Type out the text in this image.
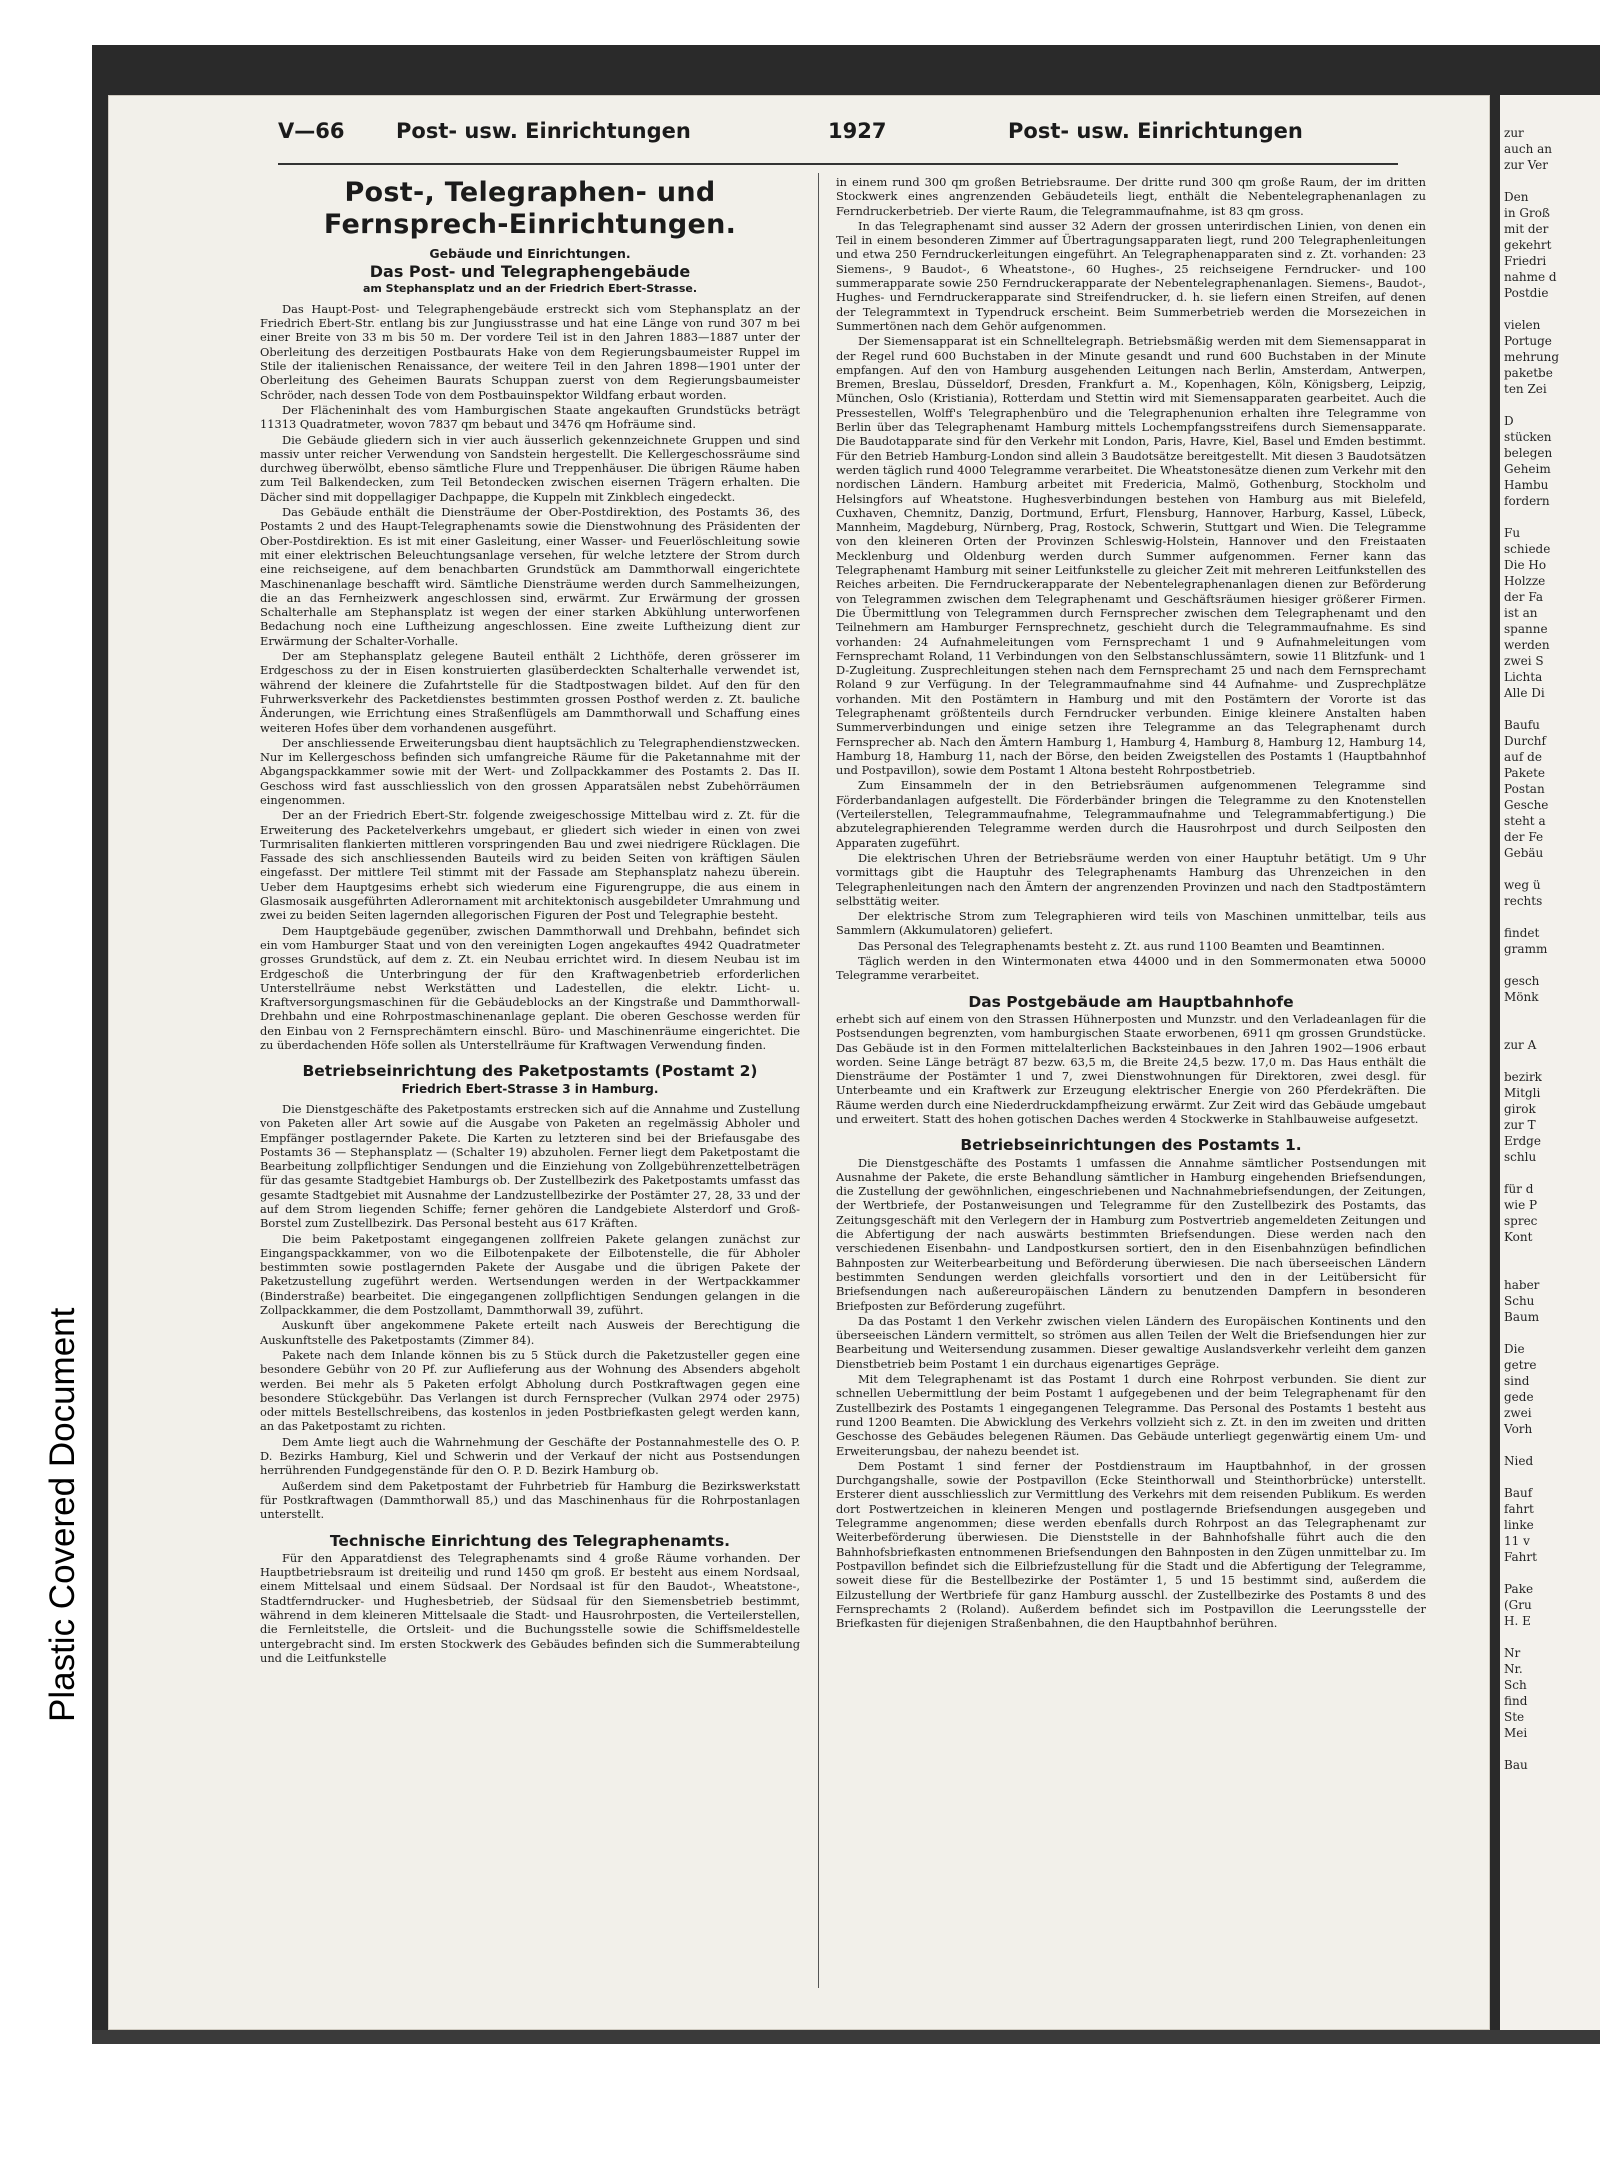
Plastic Covered Document
V—66 Post- usw. Einrichtungen	1927	Post- usw. Einrichtungen
Post-, Telegraphen- und
Fernsprech-Einrichtungen.
Gebäude und Einrichtungen.
Das Post- und Telegraphengebäude
am Stephansplatz und an der Friedrich Ebert-Strasse.

Das Haupt-Post- und Telegraphengebäude erstreckt sich vom Stephansplatz an der Friedrich Ebert-Str. entlang bis zur Jungiusstrasse und hat eine Länge von rund 307 m bei einer Breite von 33 m bis 50 m. Der vordere Teil ist in den Jahren 1883—1887 unter der Oberleitung des derzeitigen Postbaurats Hake von dem Regierungsbaumeister Ruppel im Stile der italienischen Renaissance, der weitere Teil in den Jahren 1898—1901 unter der Oberleitung des Geheimen Baurats Schuppan zuerst von dem Regierungsbaumeister Schröder, nach dessen Tode von dem Postbauinspektor Wildfang erbaut worden.

Der Flächeninhalt des vom Hamburgischen Staate angekauften Grundstücks beträgt 11313 Quadratmeter, wovon 7837 qm bebaut und 3476 qm Hofräume sind.

Die Gebäude gliedern sich in vier auch äusserlich gekennzeichnete Gruppen und sind massiv unter reicher Verwendung von Sandstein hergestellt. Die Kellergeschossräume sind durchweg überwölbt, ebenso sämtliche Flure und Treppenhäuser. Die übrigen Räume haben zum Teil Balkendecken, zum Teil Betondecken zwischen eisernen Trägern erhalten. Die Dächer sind mit doppellagiger Dachpappe, die Kuppeln mit Zinkblech eingedeckt.

Das Gebäude enthält die Diensträume der Ober-Postdirektion, des Postamts 36, des Postamts 2 und des Haupt-Telegraphenamts sowie die Dienstwohnung des Präsidenten der Ober-Postdirektion. Es ist mit einer Gasleitung, einer Wasser- und Feuerlöschleitung sowie mit einer elektrischen Beleuchtungsanlage versehen, für welche letztere der Strom durch eine reichseigene, auf dem benachbarten Grundstück am Dammthorwall eingerichtete Maschinenanlage beschafft wird. Sämtliche Diensträume werden durch Sammelheizungen, die an das Fernheizwerk angeschlossen sind, erwärmt. Zur Erwärmung der grossen Schalterhalle am Stephansplatz ist wegen der einer starken Abkühlung unterworfenen Bedachung noch eine Luftheizung angeschlossen. Eine zweite Luftheizung dient zur Erwärmung der Schalter-Vorhalle.

Der am Stephansplatz gelegene Bauteil enthält 2 Lichthöfe, deren grösserer im Erdgeschoss zu der in Eisen konstruierten glasüberdeckten Schalterhalle verwendet ist, während der kleinere die Zufahrtstelle für die Stadtpostwagen bildet. Auf den für den Fuhrwerksverkehr des Packetdienstes bestimmten grossen Posthof werden z. Zt. bauliche Änderungen, wie Errichtung eines Straßenflügels am Dammthorwall und Schaffung eines weiteren Hofes über dem vorhandenen ausgeführt.

Der anschliessende Erweiterungsbau dient hauptsächlich zu Telegraphendienstzwecken. Nur im Kellergeschoss befinden sich umfangreiche Räume für die Paketannahme mit der Abgangspackkammer sowie mit der Wert- und Zollpackkammer des Postamts 2. Das II. Geschoss wird fast ausschliesslich von den grossen Apparatsälen nebst Zubehörräumen eingenommen.

Der an der Friedrich Ebert-Str. folgende zweigeschossige Mittelbau wird z. Zt. für die Erweiterung des Packetelverkehrs umgebaut, er gliedert sich wieder in einen von zwei Turmrisaliten flankierten mittleren vorspringenden Bau und zwei niedrigere Rücklagen. Die Fassade des sich anschliessenden Bauteils wird zu beiden Seiten von kräftigen Säulen eingefasst. Der mittlere Teil stimmt mit der Fassade am Stephansplatz nahezu überein. Ueber dem Hauptgesims erhebt sich wiederum eine Figurengruppe, die aus einem in Glasmosaik ausgeführten Adlerornament mit architektonisch ausgebildeter Umrahmung und zwei zu beiden Seiten lagernden allegorischen Figuren der Post und Telegraphie besteht.

Dem Hauptgebäude gegenüber, zwischen Dammthorwall und Drehbahn, befindet sich ein vom Hamburger Staat und von den vereinigten Logen angekauftes 4942 Quadratmeter grosses Grundstück, auf dem z. Zt. ein Neubau errichtet wird. In diesem Neubau ist im Erdgeschoß die Unterbringung der für den Kraftwagenbetrieb erforderlichen Unterstellräume nebst Werkstätten und Ladestellen, die elektr. Licht- u. Kraftversorgungsmaschinen für die Gebäudeblocks an der Kingstraße und Dammthorwall-Drehbahn und eine Rohrpostmaschinenanlage geplant. Die oberen Geschosse werden für den Einbau von 2 Fernsprechämtern einschl. Büro- und Maschinenräume eingerichtet. Die zu überdachenden Höfe sollen als Unterstellräume für Kraftwagen Verwendung finden.

Betriebseinrichtung des Paketpostamts (Postamt 2)
Friedrich Ebert-Strasse 3 in Hamburg.

Die Dienstgeschäfte des Paketpostamts erstrecken sich auf die Annahme und Zustellung von Paketen aller Art sowie auf die Ausgabe von Paketen an regelmässig Abholer und Empfänger postlagernder Pakete. Die Karten zu letzteren sind bei der Briefausgabe des Postamts 36 — Stephansplatz — (Schalter 19) abzuholen. Ferner liegt dem Paketpostamt die Bearbeitung zollpflichtiger Sendungen und die Einziehung von Zollgebührenzettelbeträgen für das gesamte Stadtgebiet Hamburgs ob. Der Zustellbezirk des Paketpostamts umfasst das gesamte Stadtgebiet mit Ausnahme der Landzustellbezirke der Postämter 27, 28, 33 und der auf dem Strom liegenden Schiffe; ferner gehören die Landgebiete Alsterdorf und Groß-Borstel zum Zustellbezirk. Das Personal besteht aus 617 Kräften.

Die beim Paketpostamt eingegangenen zollfreien Pakete gelangen zunächst zur Eingangspackkammer, von wo die Eilbotenpakete der Eilbotenstelle, die für Abholer bestimmten sowie postlagernden Pakete der Ausgabe und die übrigen Pakete der Paketzustellung zugeführt werden. Wertsendungen werden in der Wertpackkammer (Binderstraße) bearbeitet. Die eingegangenen zollpflichtigen Sendungen gelangen in die Zollpackkammer, die dem Postzollamt, Dammthorwall 39, zuführt.

Auskunft über angekommene Pakete erteilt nach Ausweis der Berechtigung die Auskunftstelle des Paketpostamts (Zimmer 84).

Pakete nach dem Inlande können bis zu 5 Stück durch die Paketzusteller gegen eine besondere Gebühr von 20 Pf. zur Auflieferung aus der Wohnung des Absenders abgeholt werden. Bei mehr als 5 Paketen erfolgt Abholung durch Postkraftwagen gegen eine besondere Stückgebühr. Das Verlangen ist durch Fernsprecher (Vulkan 2974 oder 2975) oder mittels Bestellschreibens, das kostenlos in jeden Postbriefkasten gelegt werden kann, an das Paketpostamt zu richten.

Dem Amte liegt auch die Wahrnehmung der Geschäfte der Postannahmestelle des O. P. D. Bezirks Hamburg, Kiel und Schwerin und der Verkauf der nicht aus Postsendungen herrührenden Fundgegenstände für den O. P. D. Bezirk Hamburg ob.

Außerdem sind dem Paketpostamt der Fuhrbetrieb für Hamburg die Bezirkswerkstatt für Postkraftwagen (Dammthorwall 85,) und das Maschinenhaus für die Rohrpostanlagen unterstellt.

Technische Einrichtung des Telegraphenamts.

Für den Apparatdienst des Telegraphenamts sind 4 große Räume vorhanden. Der Hauptbetriebsraum ist dreiteilig und rund 1450 qm groß. Er besteht aus einem Nordsaal, einem Mittelsaal und einem Südsaal. Der Nordsaal ist für den Baudot-, Wheatstone-, Stadtferndrucker- und Hughesbetrieb, der Südsaal für den Siemensbetrieb bestimmt, während in dem kleineren Mittelsaale die Stadt- und Hausrohrposten, die Verteilerstellen, die Fernleitstelle, die Ortsleit- und die Buchungsstelle sowie die Schiffsmeldestelle untergebracht sind. Im ersten Stockwerk des Gebäudes befinden sich die Summerabteilung und die Leitfunkstelle

in einem rund 300 qm großen Betriebsraume. Der dritte rund 300 qm große Raum, der im dritten Stockwerk eines angrenzenden Gebäudeteils liegt, enthält die Nebentelegraphenanlagen zu Ferndruckerbetrieb. Der vierte Raum, die Telegrammaufnahme, ist 83 qm gross.

In das Telegraphenamt sind ausser 32 Adern der grossen unterirdischen Linien, von denen ein Teil in einem besonderen Zimmer auf Übertragungsapparaten liegt, rund 200 Telegraphenleitungen und etwa 250 Ferndruckerleitungen eingeführt. An Telegraphenapparaten sind z. Zt. vorhanden: 23 Siemens-, 9 Baudot-, 6 Wheatstone-, 60 Hughes-, 25 reichseigene Ferndrucker- und 100 summerapparate sowie 250 Ferndruckerapparate der Nebentelegraphenanlagen. Siemens-, Baudot-, Hughes- und Ferndruckerapparate sind Streifendrucker, d. h. sie liefern einen Streifen, auf denen der Telegrammtext in Typendruck erscheint. Beim Summerbetrieb werden die Morsezeichen in Summertönen nach dem Gehör aufgenommen.

Der Siemensapparat ist ein Schnelltelegraph. Betriebsmäßig werden mit dem Siemensapparat in der Regel rund 600 Buchstaben in der Minute gesandt und rund 600 Buchstaben in der Minute empfangen. Auf den von Hamburg ausgehenden Leitungen nach Berlin, Amsterdam, Antwerpen, Bremen, Breslau, Düsseldorf, Dresden, Frankfurt a. M., Kopenhagen, Köln, Königsberg, Leipzig, München, Oslo (Kristiania), Rotterdam und Stettin wird mit Siemensapparaten gearbeitet. Auch die Pressestellen, Wolff's Telegraphenbüro und die Telegraphenunion erhalten ihre Telegramme von Berlin über das Telegraphenamt Hamburg mittels Lochempfangsstreifens durch Siemensapparate. Die Baudotapparate sind für den Verkehr mit London, Paris, Havre, Kiel, Basel und Emden bestimmt. Für den Betrieb Hamburg-London sind allein 3 Baudotsätze bereitgestellt. Mit diesen 3 Baudotsätzen werden täglich rund 4000 Telegramme verarbeitet. Die Wheatstonesätze dienen zum Verkehr mit den nordischen Ländern. Hamburg arbeitet mit Fredericia, Malmö, Gothenburg, Stockholm und Helsingfors auf Wheatstone. Hughesverbindungen bestehen von Hamburg aus mit Bielefeld, Cuxhaven, Chemnitz, Danzig, Dortmund, Erfurt, Flensburg, Hannover, Harburg, Kassel, Lübeck, Mannheim, Magdeburg, Nürnberg, Prag, Rostock, Schwerin, Stuttgart und Wien. Die Telegramme von den kleineren Orten der Provinzen Schleswig-Holstein, Hannover und den Freistaaten Mecklenburg und Oldenburg werden durch Summer aufgenommen. Ferner kann das Telegraphenamt Hamburg mit seiner Leitfunkstelle zu gleicher Zeit mit mehreren Leitfunkstellen des Reiches arbeiten. Die Ferndruckerapparate der Nebentelegraphenanlagen dienen zur Beförderung von Telegrammen zwischen dem Telegraphenamt und Geschäftsräumen hiesiger größerer Firmen. Die Übermittlung von Telegrammen durch Fernsprecher zwischen dem Telegraphenamt und den Teilnehmern am Hamburger Fernsprechnetz, geschieht durch die Telegrammaufnahme. Es sind vorhanden: 24 Aufnahmeleitungen vom Fernsprechamt 1 und 9 Aufnahmeleitungen vom Fernsprechamt Roland, 11 Verbindungen von den Selbstanschlussämtern, sowie 11 Blitzfunk- und 1 D-Zugleitung. Zusprechleitungen stehen nach dem Fernsprechamt 25 und nach dem Fernsprechamt Roland 9 zur Verfügung. In der Telegrammaufnahme sind 44 Aufnahme- und Zusprechplätze vorhanden. Mit den Postämtern in Hamburg und mit den Postämtern der Vororte ist das Telegraphenamt größtenteils durch Ferndrucker verbunden. Einige kleinere Anstalten haben Summerverbindungen und einige setzen ihre Telegramme an das Telegraphenamt durch Fernsprecher ab. Nach den Ämtern Hamburg 1, Hamburg 4, Hamburg 8, Hamburg 12, Hamburg 14, Hamburg 18, Hamburg 11, nach der Börse, den beiden Zweigstellen des Postamts 1 (Hauptbahnhof und Postpavillon), sowie dem Postamt 1 Altona besteht Rohrpostbetrieb.

Zum Einsammeln der in den Betriebsräumen aufgenommenen Telegramme sind Förderbandanlagen aufgestellt. Die Förderbänder bringen die Telegramme zu den Knotenstellen (Verteilerstellen, Telegrammaufnahme, Telegrammaufnahme und Telegrammabfertigung.) Die abzutelegraphierenden Telegramme werden durch die Hausrohrpost und durch Seilposten den Apparaten zugeführt.

Die elektrischen Uhren der Betriebsräume werden von einer Hauptuhr betätigt. Um 9 Uhr vormittags gibt die Hauptuhr des Telegraphenamts Hamburg das Uhrenzeichen in den Telegraphenleitungen nach den Ämtern der angrenzenden Provinzen und nach den Stadtpostämtern selbsttätig weiter.

Der elektrische Strom zum Telegraphieren wird teils von Maschinen unmittelbar, teils aus Sammlern (Akkumulatoren) geliefert.

Das Personal des Telegraphenamts besteht z. Zt. aus rund 1100 Beamten und Beamtinnen.

Täglich werden in den Wintermonaten etwa 44000 und in den Sommermonaten etwa 50000 Telegramme verarbeitet.

Das Postgebäude am Hauptbahnhofe

erhebt sich auf einem von den Strassen Hühnerposten und Munzstr. und den Verladeanlagen für die Postsendungen begrenzten, vom hamburgischen Staate erworbenen, 6911 qm grossen Grundstücke. Das Gebäude ist in den Formen mittelalterlichen Backsteinbaues in den Jahren 1902—1906 erbaut worden. Seine Länge beträgt 87 bezw. 63,5 m, die Breite 24,5 bezw. 17,0 m. Das Haus enthält die Diensträume der Postämter 1 und 7, zwei Dienstwohnungen für Direktoren, zwei desgl. für Unterbeamte und ein Kraftwerk zur Erzeugung elektrischer Energie von 260 Pferdekräften. Die Räume werden durch eine Niederdruckdampfheizung erwärmt. Zur Zeit wird das Gebäude umgebaut und erweitert. Statt des hohen gotischen Daches werden 4 Stockwerke in Stahlbauweise aufgesetzt.

Betriebseinrichtungen des Postamts 1.

Die Dienstgeschäfte des Postamts 1 umfassen die Annahme sämtlicher Postsendungen mit Ausnahme der Pakete, die erste Behandlung sämtlicher in Hamburg eingehenden Briefsendungen, die Zustellung der gewöhnlichen, eingeschriebenen und Nachnahmebriefsendungen, der Zeitungen, der Wertbriefe, der Postanweisungen und Telegramme für den Zustellbezirk des Postamts, das Zeitungsgeschäft mit den Verlegern der in Hamburg zum Postvertrieb angemeldeten Zeitungen und die Abfertigung der nach auswärts bestimmten Briefsendungen. Diese werden nach den verschiedenen Eisenbahn- und Landpostkursen sortiert, den in den Eisenbahnzügen befindlichen Bahnposten zur Weiterbearbeitung und Beförderung überwiesen. Die nach überseeischen Ländern bestimmten Sendungen werden gleichfalls vorsortiert und den in der Leitübersicht für Briefsendungen nach außereuropäischen Ländern zu benutzenden Dampfern in besonderen Briefposten zur Beförderung zugeführt.

Da das Postamt 1 den Verkehr zwischen vielen Ländern des Europäischen Kontinents und den überseeischen Ländern vermittelt, so strömen aus allen Teilen der Welt die Briefsendungen hier zur Bearbeitung und Weitersendung zusammen. Dieser gewaltige Auslandsverkehr verleiht dem ganzen Dienstbetrieb beim Postamt 1 ein durchaus eigenartiges Gepräge.

Mit dem Telegraphenamt ist das Postamt 1 durch eine Rohrpost verbunden. Sie dient zur schnellen Uebermittlung der beim Postamt 1 aufgegebenen und der beim Telegraphenamt für den Zustellbezirk des Postamts 1 eingegangenen Telegramme. Das Personal des Postamts 1 besteht aus rund 1200 Beamten. Die Abwicklung des Verkehrs vollzieht sich z. Zt. in den im zweiten und dritten Geschosse des Gebäudes belegenen Räumen. Das Gebäude unterliegt gegenwärtig einem Um- und Erweiterungsbau, der nahezu beendet ist.

Dem Postamt 1 sind ferner der Postdienstraum im Hauptbahnhof, in der grossen Durchgangshalle, sowie der Postpavillon (Ecke Steinthorwall und Steinthorbrücke) unterstellt. Ersterer dient ausschliesslich zur Vermittlung des Verkehrs mit dem reisenden Publikum. Es werden dort Postwertzeichen in kleineren Mengen und postlagernde Briefsendungen ausgegeben und Telegramme angenommen; diese werden ebenfalls durch Rohrpost an das Telegraphenamt zur Weiterbeförderung überwiesen. Die Dienststelle in der Bahnhofshalle führt auch die den Bahnhofsbriefkasten entnommenen Briefsendungen den Bahnposten in den Zügen unmittelbar zu. Im Postpavillon befindet sich die Eilbriefzustellung für die Stadt und die Abfertigung der Telegramme, soweit diese für die Bestellbezirke der Postämter 1, 5 und 15 bestimmt sind, außerdem die Eilzustellung der Wertbriefe für ganz Hamburg ausschl. der Zustellbezirke des Postamts 8 und des Fernsprechamts 2 (Roland). Außerdem befindet sich im Postpavillon die Leerungsstelle der Briefkasten für diejenigen Straßenbahnen, die den Hauptbahnhof berühren.

zur
auch an
zur Ver

Den
in Groß
mit der
gekehrt
Friedri
nahme d
Postdie

vielen
Portuge
mehrung
paketbe
ten Zei

D
stücken
belegen
Geheim
Hambu
fordern

Fu
schiede
Die Ho
Holzze
der Fa
ist an
spanne
werden
zwei S
Lichta
Alle Di

Baufu
Durchf
auf de
Pakete
Postan
Gesche
steht a
der Fe
Gebäu

weg ü
rechts

findet
gramm

gesch
Mönk

zur A

bezirk
Mitgli
girok
zur T
Erdge
schlu

für d
wie P
sprec
Kont

haber
Schu
Baum

Die
getre
sind
gede
zwei
Vorh

Nied

Bauf
fahrt
linke
11 v
Fahrt

Pake
(Gru
H. E

Nr
Nr.
Sch
find
Ste
Mei

Bau
